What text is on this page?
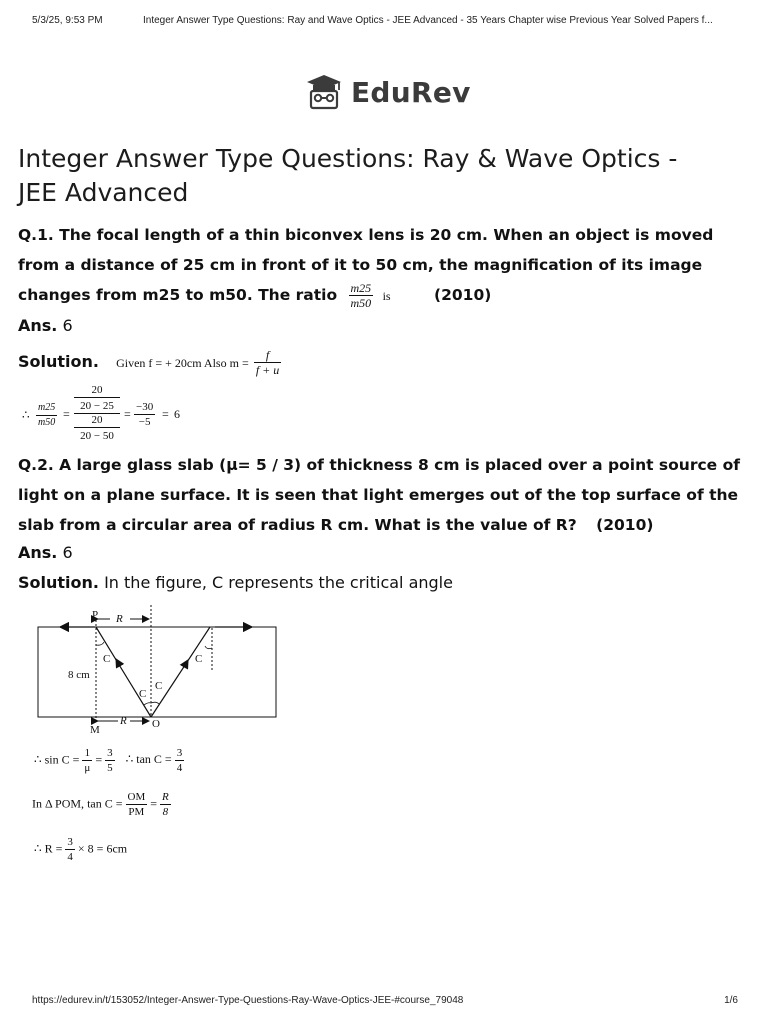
5/3/25, 9:53 PM	Integer Answer Type Questions: Ray and Wave Optics - JEE Advanced - 35 Years Chapter wise Previous Year Solved Papers f...
EduRev
Integer Answer Type Questions: Ray & Wave Optics - JEE Advanced
Q.1. The focal length of a thin biconvex lens is 20 cm. When an object is moved from a distance of 25 cm in front of it to 50 cm, the magnification of its image changes from m25 to m50. The ratio $\frac{m25}{m50}$ is	(2010)
Ans. 6
Solution. Given f = + 20cm Also $m = \frac{f}{f + u}$
∴ $\frac{m25}{m50}$ =
20
20 − 25
20
20 − 50
= $\frac{-30}{-5} = 6$
Q.2. A large glass slab (μ= 5 / 3) of thickness 8 cm is placed over a point source of light on a plane surface. It is seen that light emerges out of the top surface of the slab from a circular area of radius R cm. What is the value of R? (2010)
Ans. 6
Solution. In the figure, C represents the critical angle
P R
M	O
R
8 cm
C	C
C
C
∴ $\sin C = \frac{1}{\mu} = \frac{3}{5}$ ∴ $\tan C = \frac{3}{4}$
In Δ POM, $\tan C = \frac{OM}{PM} = \frac{R}{8}$
∴ $R = \frac{3}{4} \times 8 = 6cm$
https://edurev.in/t/153052/Integer-Answer-Type-Questions-Ray-Wave-Optics-JEE-#course_79048	1/6
